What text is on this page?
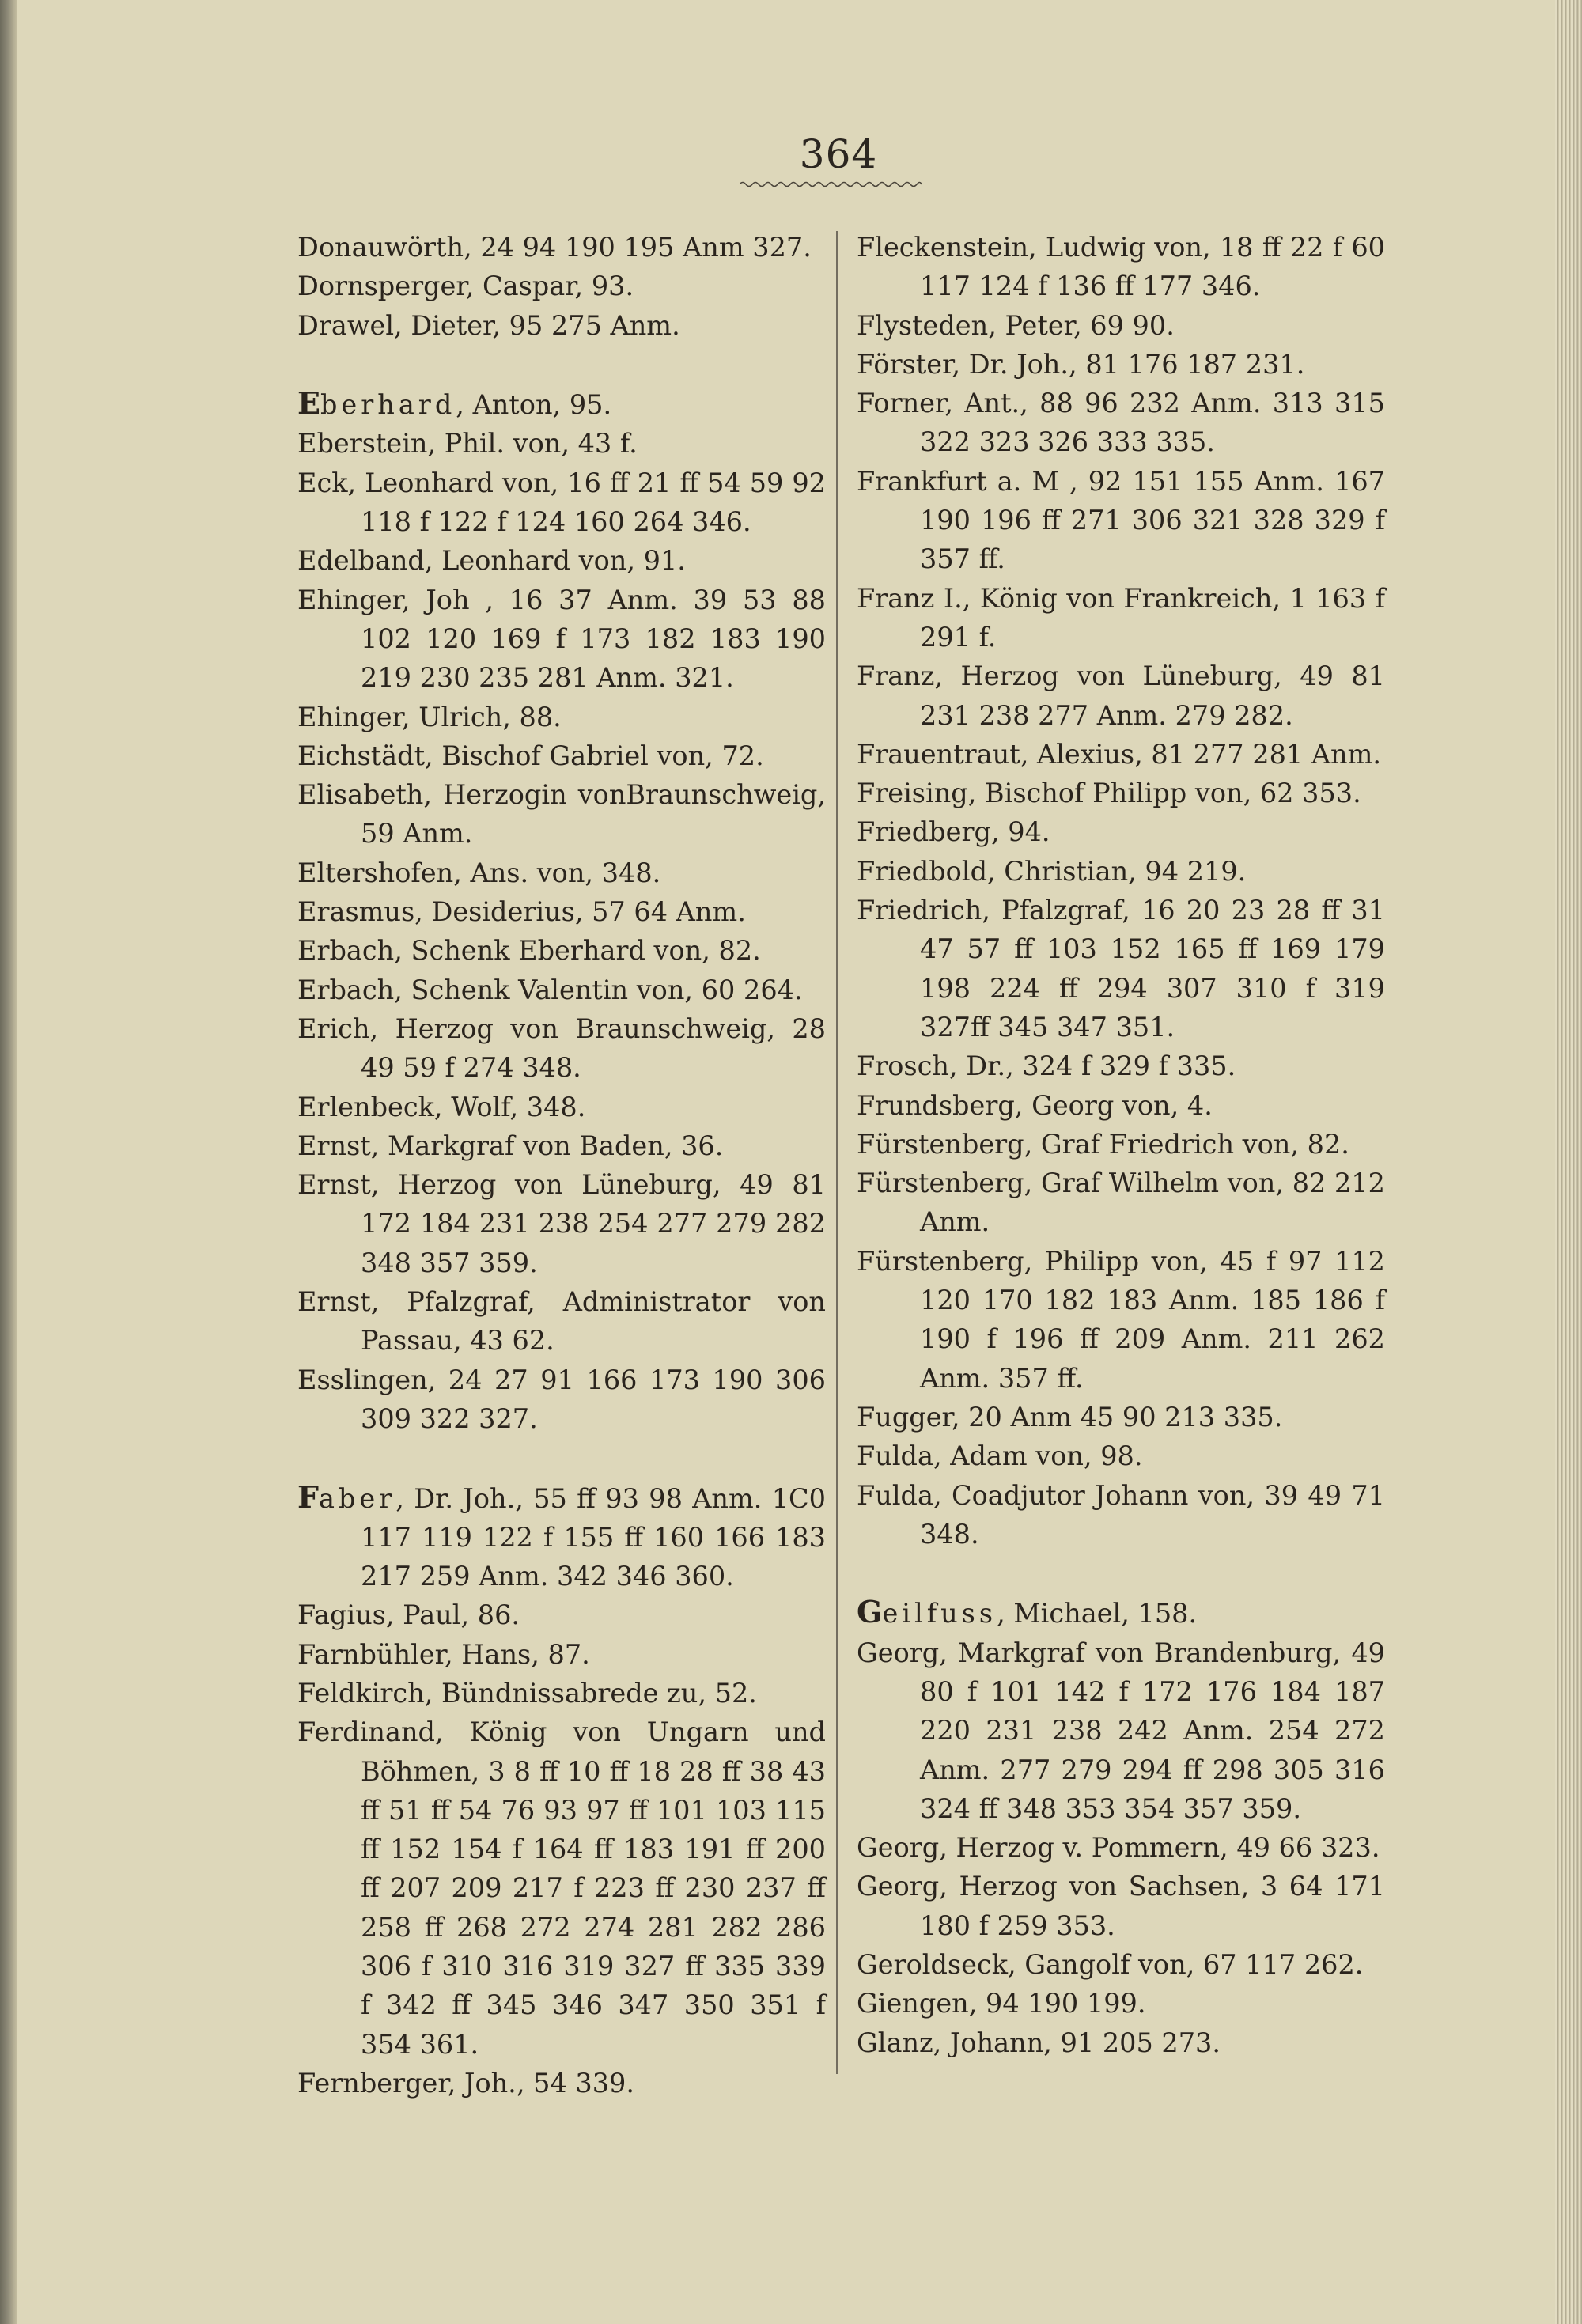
364
Donauwörth, 24 94 190 195 Anm 327.
Dornsperger, Caspar, 93.
Drawel, Dieter, 95 275 Anm.
Eberhard, Anton, 95.
Eberstein, Phil. von, 43 f.
Eck, Leonhard von, 16 ff 21 ff 54 59 92 118 f 122 f 124 160 264 346.
Edelband, Leonhard von, 91.
Ehinger, Joh , 16 37 Anm. 39 53 88 102 120 169 f 173 182 183 190 219 230 235 281 Anm. 321.
Ehinger, Ulrich, 88.
Eichstädt, Bischof Gabriel von, 72.
Elisabeth, Herzogin vonBraunschweig, 59 Anm.
Eltershofen, Ans. von, 348.
Erasmus, Desiderius, 57 64 Anm.
Erbach, Schenk Eberhard von, 82.
Erbach, Schenk Valentin von, 60 264.
Erich, Herzog von Braunschweig, 28 49 59 f 274 348.
Erlenbeck, Wolf, 348.
Ernst, Markgraf von Baden, 36.
Ernst, Herzog von Lüneburg, 49 81 172 184 231 238 254 277 279 282 348 357 359.
Ernst, Pfalzgraf, Administrator von Passau, 43 62.
Esslingen, 24 27 91 166 173 190 306 309 322 327.
Faber, Dr. Joh., 55 ff 93 98 Anm. 1C0 117 119 122 f 155 ff 160 166 183 217 259 Anm. 342 346 360.
Fagius, Paul, 86.
Farnbühler, Hans, 87.
Feldkirch, Bündnissabrede zu, 52.
Ferdinand, König von Ungarn und Böhmen, 3 8 ff 10 ff 18 28 ff 38 43 ff 51 ff 54 76 93 97 ff 101 103 115 ff 152 154 f 164 ff 183 191 ff 200 ff 207 209 217 f 223 ff 230 237 ff 258 ff 268 272 274 281 282 286 306 f 310 316 319 327 ff 335 339 f 342 ff 345 346 347 350 351 f 354 361.
Fernberger, Joh., 54 339.
Fleckenstein, Ludwig von, 18 ff 22 f 60 117 124 f 136 ff 177 346.
Flysteden, Peter, 69 90.
Förster, Dr. Joh., 81 176 187 231.
Forner, Ant., 88 96 232 Anm. 313 315 322 323 326 333 335.
Frankfurt a. M , 92 151 155 Anm. 167 190 196 ff 271 306 321 328 329 f 357 ff.
Franz I., König von Frankreich, 1 163 f 291 f.
Franz, Herzog von Lüneburg, 49 81 231 238 277 Anm. 279 282.
Frauentraut, Alexius, 81 277 281 Anm.
Freising, Bischof Philipp von, 62 353.
Friedberg, 94.
Friedbold, Christian, 94 219.
Friedrich, Pfalzgraf, 16 20 23 28 ff 31 47 57 ff 103 152 165 ff 169 179 198 224 ff 294 307 310 f 319 327ff 345 347 351.
Frosch, Dr., 324 f 329 f 335.
Frundsberg, Georg von, 4.
Fürstenberg, Graf Friedrich von, 82.
Fürstenberg, Graf Wilhelm von, 82 212 Anm.
Fürstenberg, Philipp von, 45 f 97 112 120 170 182 183 Anm. 185 186 f 190 f 196 ff 209 Anm. 211 262 Anm. 357 ff.
Fugger, 20 Anm 45 90 213 335.
Fulda, Adam von, 98.
Fulda, Coadjutor Johann von, 39 49 71 348.
Geilfuss, Michael, 158.
Georg, Markgraf von Brandenburg, 49 80 f 101 142 f 172 176 184 187 220 231 238 242 Anm. 254 272 Anm. 277 279 294 ff 298 305 316 324 ff 348 353 354 357 359.
Georg, Herzog v. Pommern, 49 66 323.
Georg, Herzog von Sachsen, 3 64 171 180 f 259 353.
Geroldseck, Gangolf von, 67 117 262.
Giengen, 94 190 199.
Glanz, Johann, 91 205 273.
